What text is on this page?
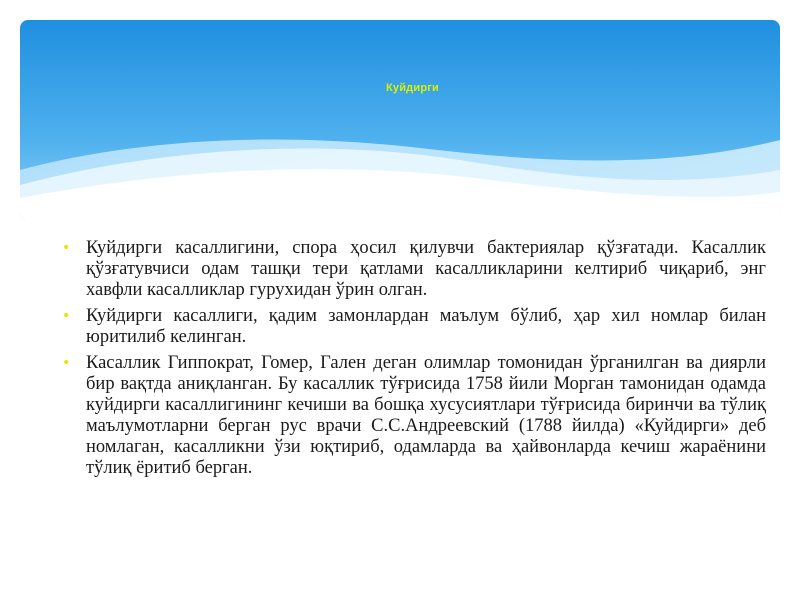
Куйдирги
• Куйдирги касаллигини, спора ҳосил қилувчи бактериялар қўзғатади. Касаллик қўзғатувчиси одам ташқи тери қатлами касалликларини келтириб чиқариб, энг хавфли касалликлар гурухидан ўрин олган.
• Куйдирги касаллиги, қадим замонлардан маълум бўлиб, ҳар хил номлар билан юритилиб келинган.
• Касаллик Гиппократ, Гомер, Гален деган олимлар томонидан ўрганилган ва диярли бир вақтда аниқланган. Бу касаллик тўғрисида 1758 йили Морган тамонидан одамда куйдирги касаллигининг кечиши ва бошқа хусусиятлари тўғрисида биринчи ва тўлиқ маълумотларни берган рус врачи С.С.Андреевский (1788 йилда) «Куйдирги» деб номлаган, касалликни ўзи юқтириб, одамларда ва ҳайвонларда кечиш жараёнини тўлиқ ёритиб берган.
